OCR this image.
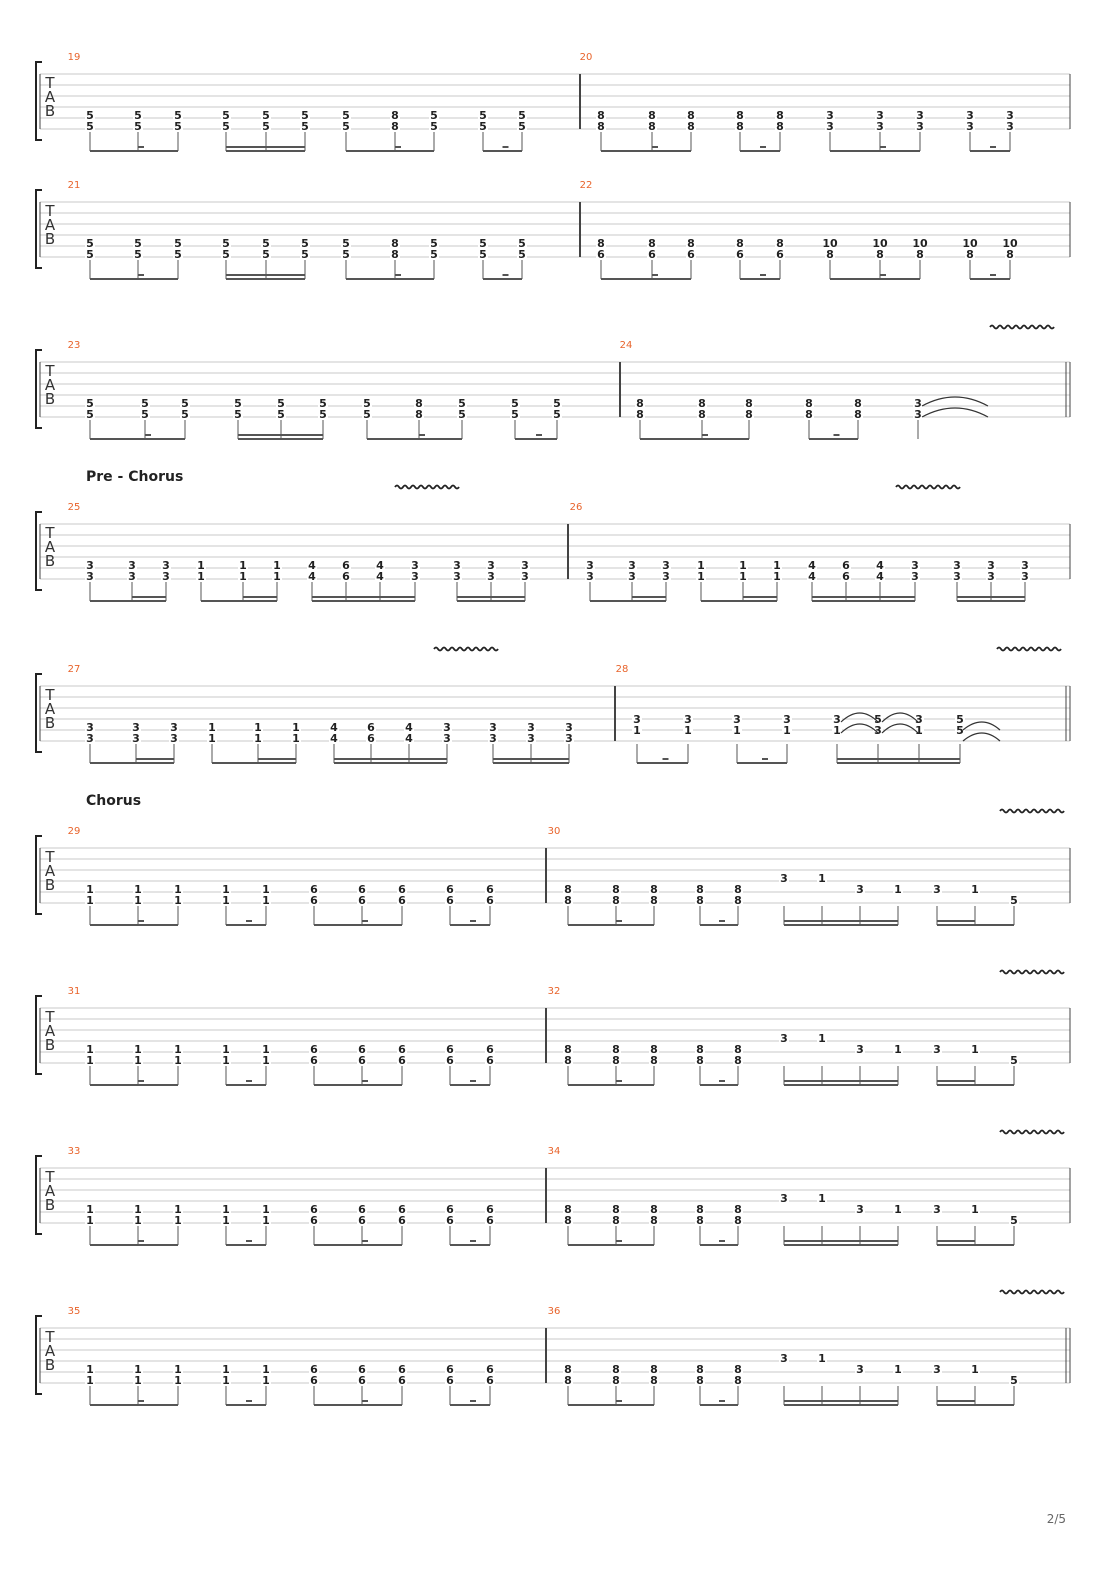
T
A
B
19
5
5
5
5
5
5
5
5
5
5
5
5
5
5
8
8
5
5
5
5
5
5
20
8
8
8
8
8
8
8
8
8
8
3
3
3
3
3
3
3
3
3
3
T
A
B
21
5
5
5
5
5
5
5
5
5
5
5
5
5
5
8
8
5
5
5
5
5
5
22
8
6
8
6
8
6
8
6
8
6
10
8
10
8
10
8
10
8
10
8
T
A
B
23
5
5
5
5
5
5
5
5
5
5
5
5
5
5
8
8
5
5
5
5
5
5
24
8
8
8
8
8
8
8
8
8
8
3
3
T
A
B
25
3
3
3
3
3
3
1
1
1
1
1
1
4
4
6
6
4
4
3
3
3
3
3
3
3
3
26
3
3
3
3
3
3
1
1
1
1
1
1
4
4
6
6
4
4
3
3
3
3
3
3
3
3
T
A
B
27
3
3
3
3
3
3
1
1
1
1
1
1
4
4
6
6
4
4
3
3
3
3
3
3
3
3
28
3
1
3
1
3
1
3
1
3
1
5
3
3
1
5
5
T
A
B
29
1
1
1
1
1
1
1
1
1
1
6
6
6
6
6
6
6
6
6
6
30
8
8
8
8
8
8
8
8
8
8
3	1
3	1	3	1
5
T
A
B
31
1
1
1
1
1
1
1
1
1
1
6
6
6
6
6
6
6
6
6
6
32
8
8
8
8
8
8
8
8
8
8
3	1
3	1	3	1
5
T
A
B
33
1
1
1
1
1
1
1
1
1
1
6
6
6
6
6
6
6
6
6
6
34
8
8
8
8
8
8
8
8
8
8
3	1
3	1	3	1
5
T
A
B
35
1
1
1
1
1
1
1
1
1
1
6
6
6
6
6
6
6
6
6
6
36
8
8
8
8
8
8
8
8
8
8
3	1
3	1	3	1
5
Pre - Chorus
Chorus
2/5
